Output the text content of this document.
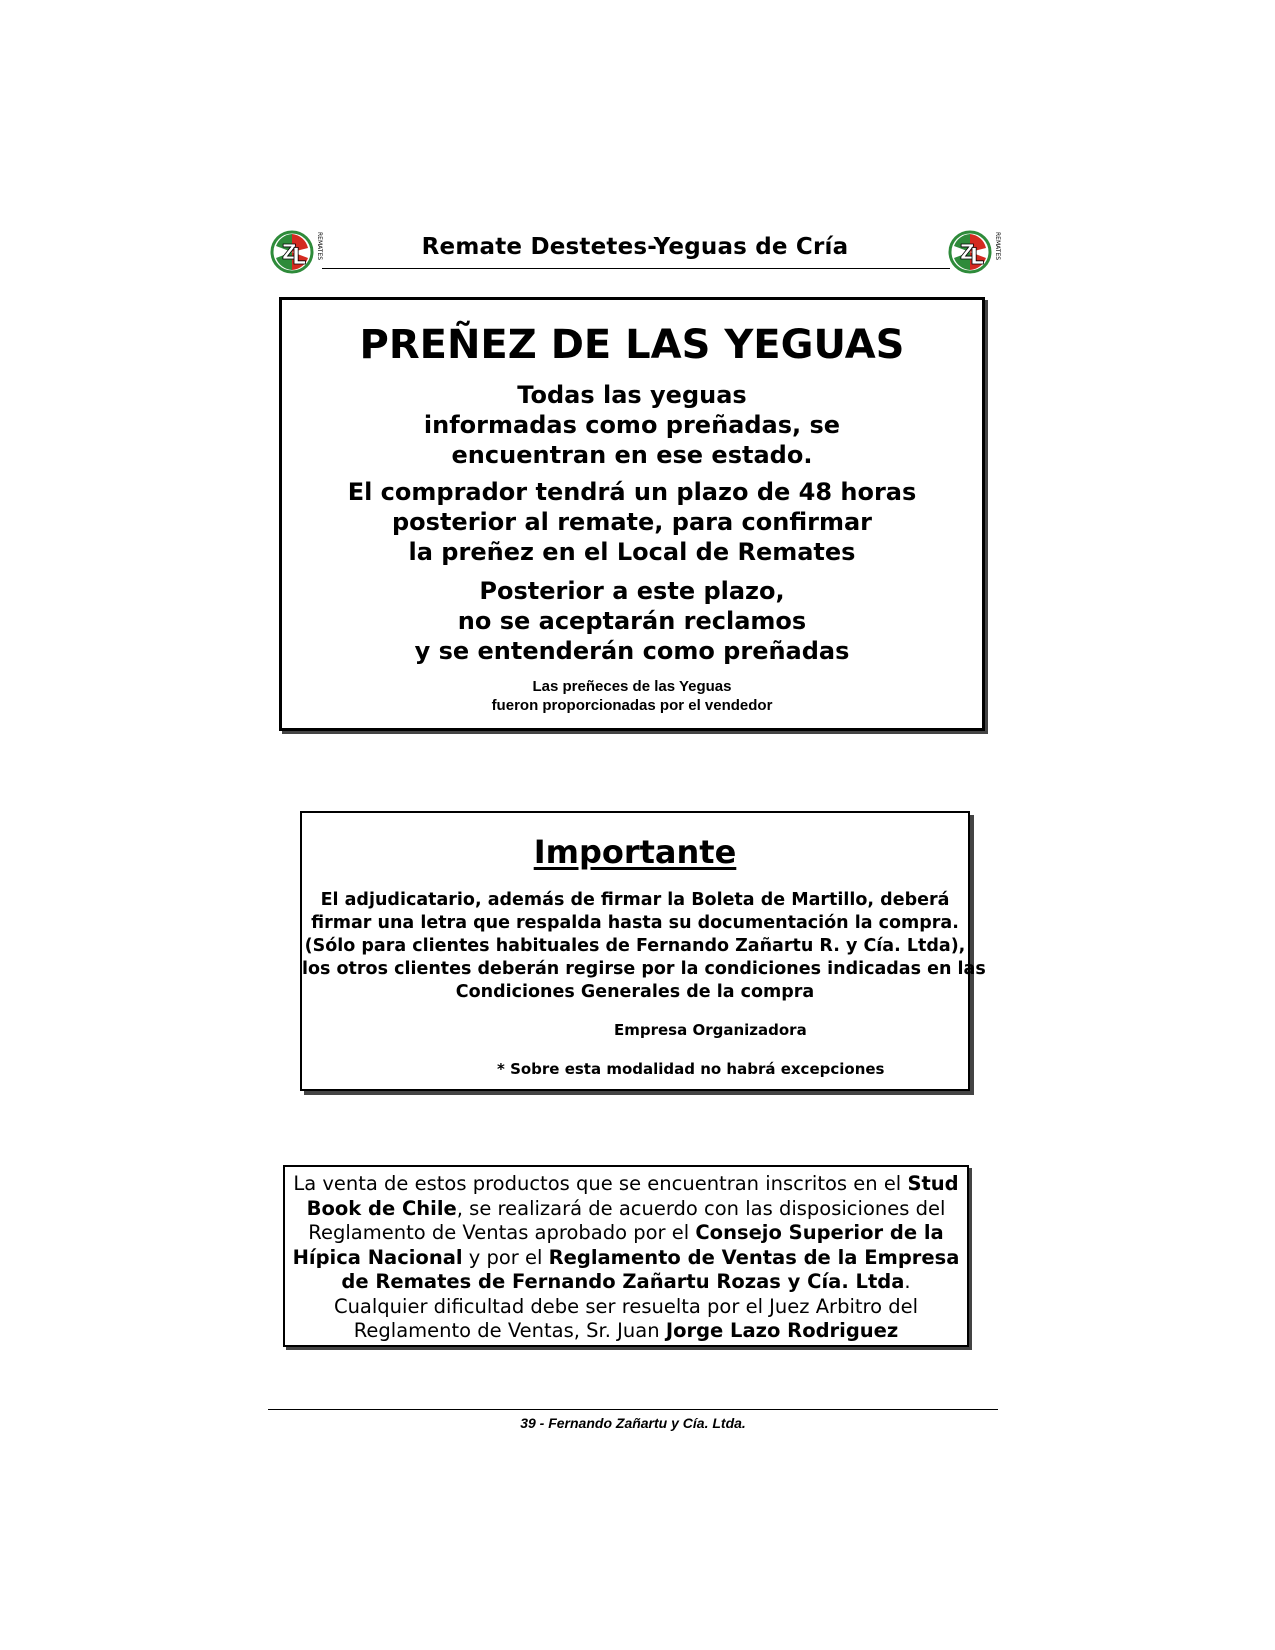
Z
L REMATES	Z
L REMATES
Remate Destetes-Yeguas de Cría
PREÑEZ DE LAS YEGUAS
Todas las yeguas
informadas como preñadas, se
encuentran en ese estado.
El comprador tendrá un plazo de 48 horas
posterior al remate, para confirmar
la preñez en el Local de Remates
Posterior a este plazo,
no se aceptarán reclamos
y se entenderán como preñadas
Las preñeces de las Yeguas
fueron proporcionadas por el vendedor
Importante
El adjudicatario, además de firmar la Boleta de Martillo, deberá
firmar una letra que respalda hasta su documentación la compra.
(Sólo para clientes habituales de Fernando Zañartu R. y Cía. Ltda),
los otros clientes deberán regirse por la condiciones indicadas en las
Condiciones Generales de la compra
Empresa Organizadora
* Sobre esta modalidad no habrá excepciones
La venta de estos productos que se encuentran inscritos en el Stud Book de Chile, se realizará de acuerdo con las disposiciones del Reglamento de Ventas aprobado por el Consejo Superior de la Hípica Nacional y por el Reglamento de Ventas de la Empresa de Remates de Fernando Zañartu Rozas y Cía. Ltda.
Cualquier dificultad debe ser resuelta por el Juez Arbitro del Reglamento de Ventas, Sr. Juan Jorge Lazo Rodriguez
39 - Fernando Zañartu y Cía. Ltda.
